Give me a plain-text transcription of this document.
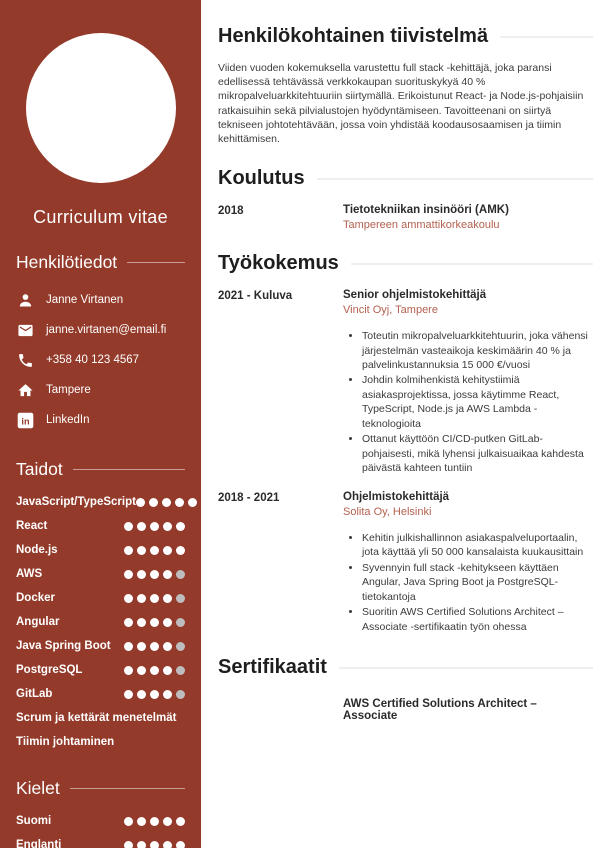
Curriculum vitae
Henkilötiedot
Janne Virtanen
janne.virtanen@email.fi
+358 40 123 4567
Tampere
in LinkedIn
Taidot
JavaScript/TypeScript
React
Node.js
AWS
Docker
Angular
Java Spring Boot
PostgreSQL
GitLab
Scrum ja kettärät menetelmät
Tiimin johtaminen
Kielet
Suomi
Englanti
Henkilökohtainen tiivistelmä

Viiden vuoden kokemuksella varustettu full stack -kehittäjä, joka paransi edellisessä tehtävässä verkkokaupan suorituskykyä 40 % mikropalveluarkkitehtuuriin siirtymällä. Erikoistunut React- ja Node.js-pohjaisiin ratkaisuihin sekä pilvialustojen hyödyntämiseen. Tavoitteenani on siirtyä tekniseen johtotehtävään, jossa voin yhdistää koodausosaamisen ja tiimin kehittämisen.

Koulutus
2018	Tietotekniikan insinööri (AMK)
Tampereen ammattikorkeakoulu
Työkokemus
2021 - Kuluva	Senior ohjelmistokehittäjä
Vincit Oyj, Tampere
• Toteutin mikropalveluarkkitehtuurin, joka vähensi järjestelmän vasteaikoja keskimäärin 40 % ja palvelinkustannuksia 15 000 €/vuosi
• Johdin kolmihenkistä kehitystiimiä asiakasprojektissa, jossa käytimme React, TypeScript, Node.js ja AWS Lambda -teknologioita
• Ottanut käyttöön CI/CD-putken GitLab-pohjaisesti, mikä lyhensi julkaisuaikaa kahdesta päivästä kahteen tuntiin
2018 - 2021	Ohjelmistokehittäjä
Solita Oy, Helsinki
• Kehitin julkishallinnon asiakaspalveluportaalin, jota käyttää yli 50 000 kansalaista kuukausittain
• Syvennyin full stack -kehitykseen käyttäen Angular, Java Spring Boot ja PostgreSQL-tietokantoja
• Suoritin AWS Certified Solutions Architect – Associate -sertifikaatin työn ohessa
Sertifikaatit
AWS Certified Solutions Architect – Associate
